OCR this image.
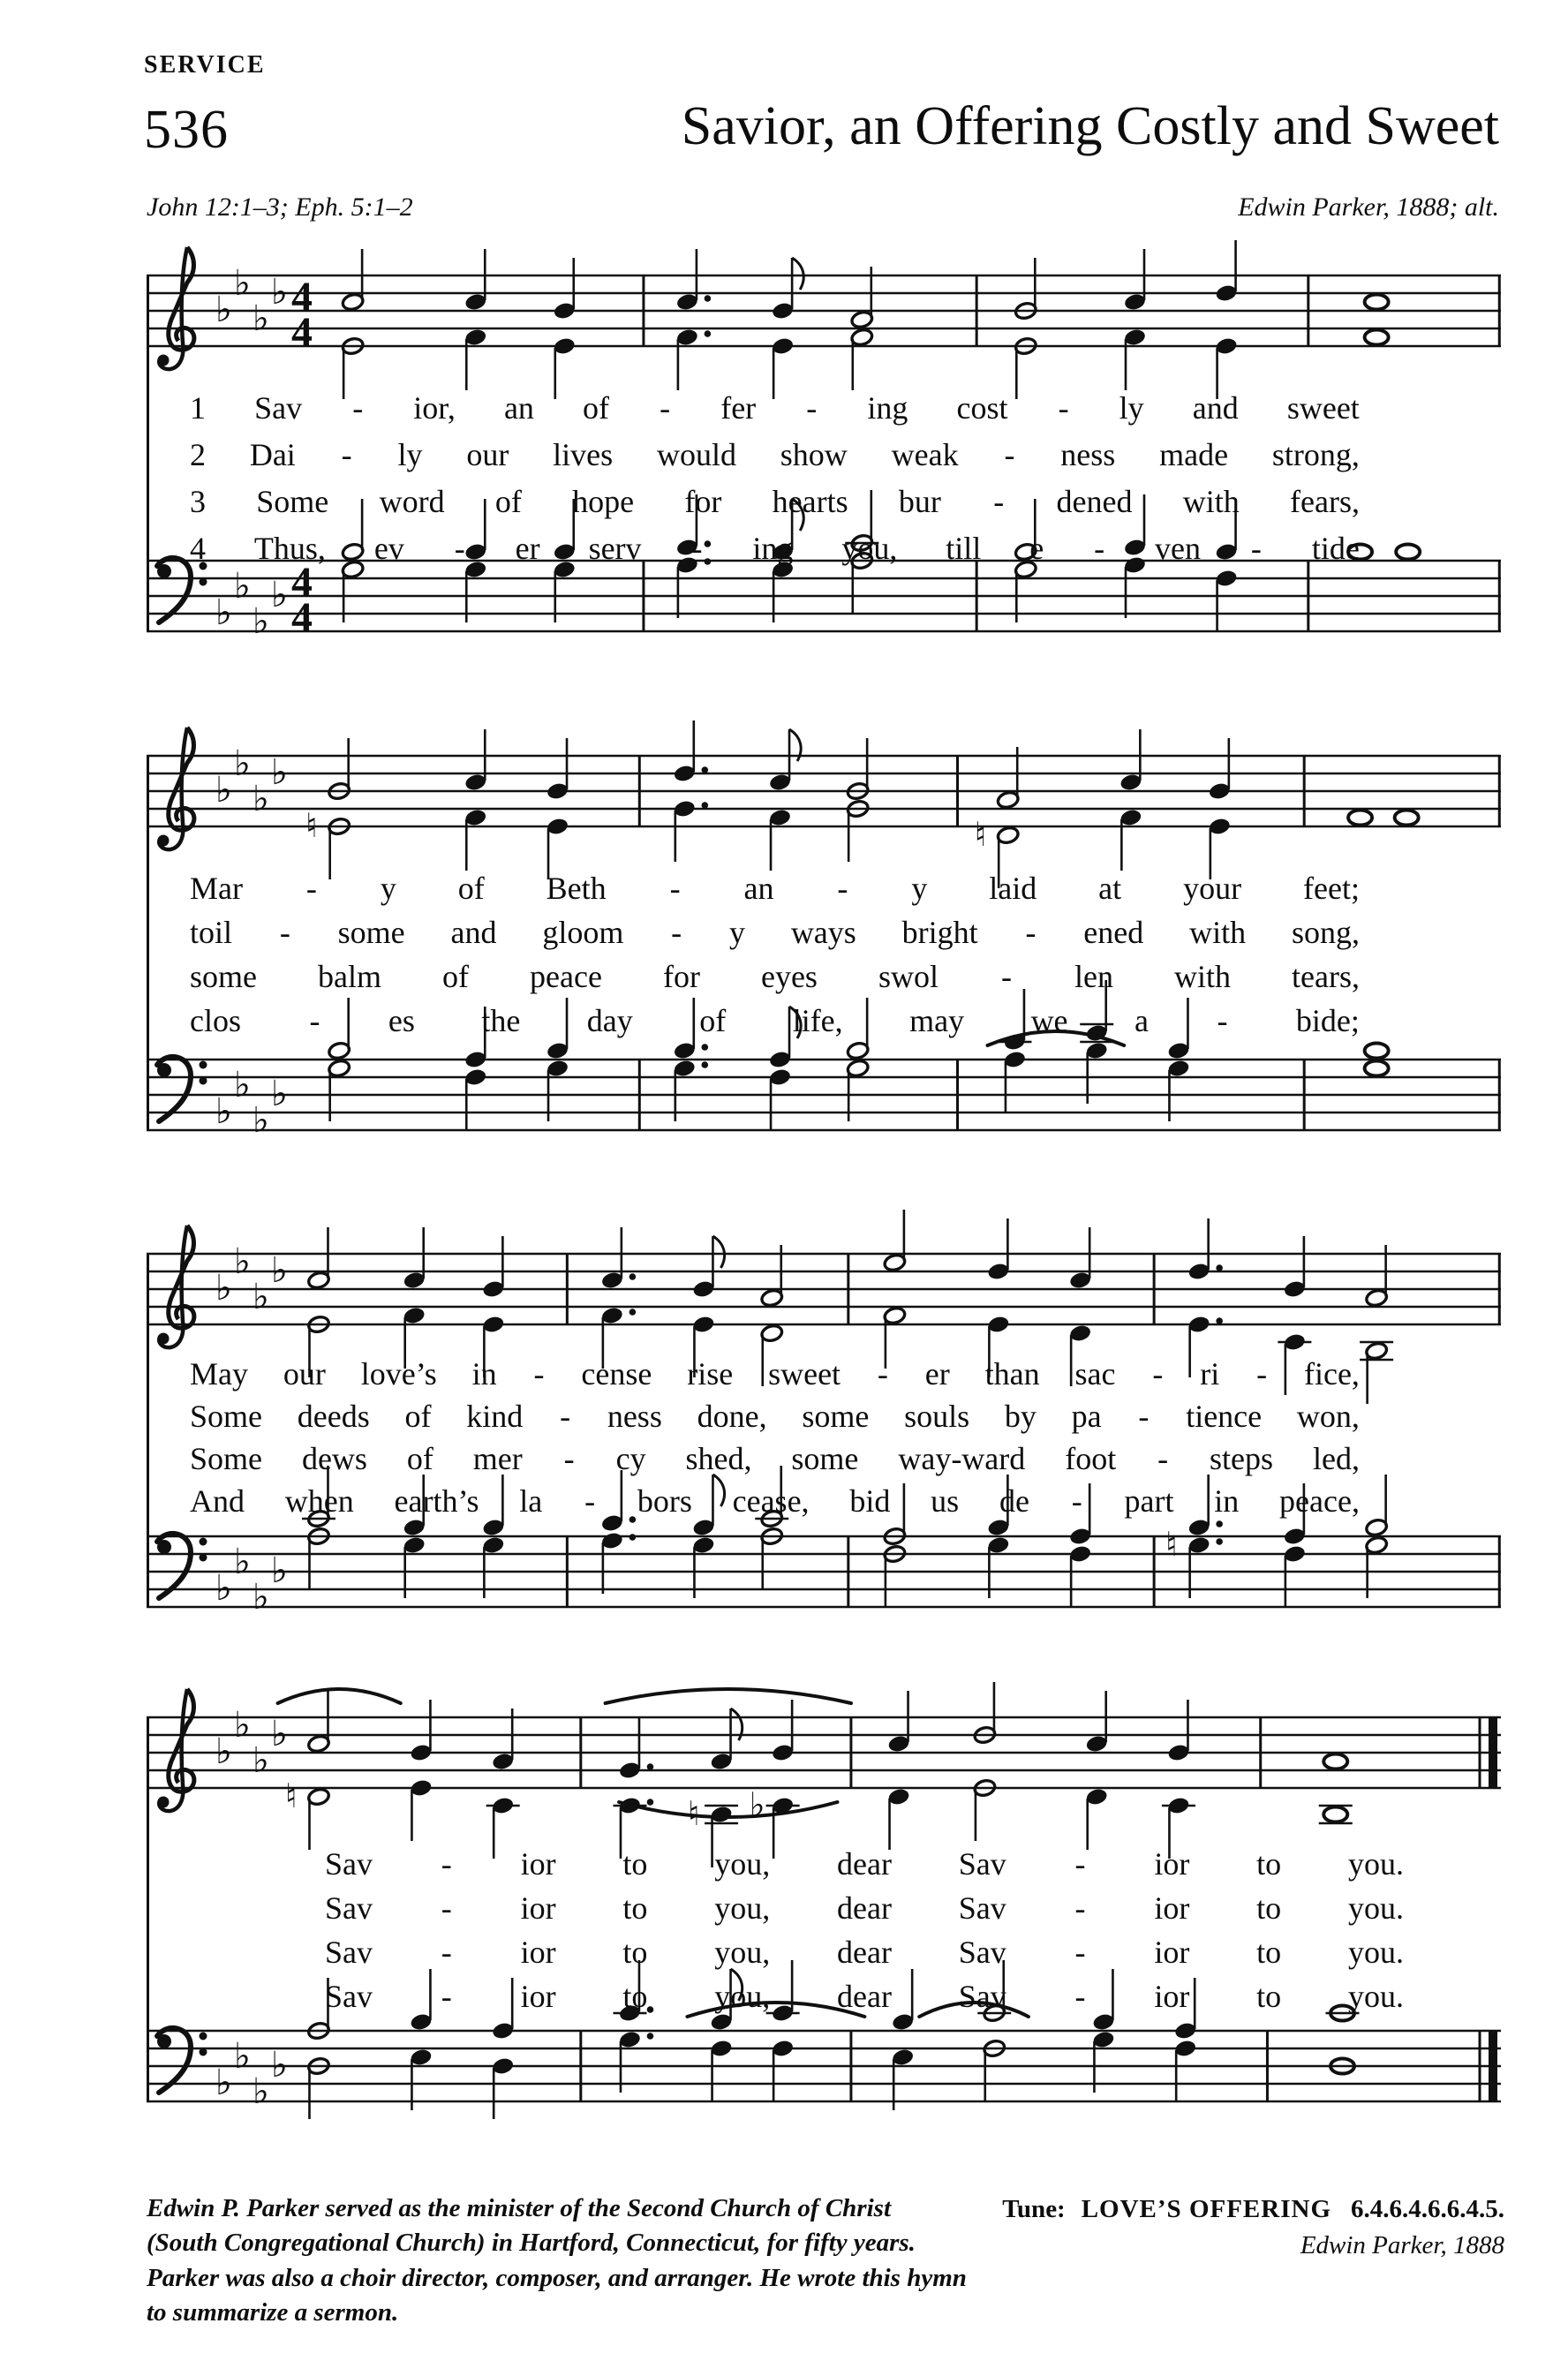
SERVICE
536	Savior, an Offering Costly and Sweet
John 12:1–3; Eph. 5:1–2	Edwin Parker, 1888; alt.
♭
♭
♭
♭ 4
4
♭
♭
♭
♭ 4
4
1 Sav - ior, an of - fer - ing cost - ly and sweet
2 Dai - ly our lives would show weak - ness made strong,
3 Some word of hope for hearts bur - dened with fears,
4 Thus, ev - er serv - ing you, till e - ven - tide
♭
♭
♭
♭
♮	♮
♭
♭
♭
♭
Mar - y of Beth - an - y laid at your feet;
toil - some and gloom - y ways bright - ened with song,
some balm of peace for eyes swol - len with tears,
clos - es the day of life, may we a - bide;
♭
♭
♭
♭
♭
♭
♭
♭
♮
May our love’s in - cense rise sweet - er than sac - ri - fice,
Some deeds of kind - ness done, some souls by pa - tience won,
Some dews of mer - cy shed, some way-ward foot - steps led,
And when earth’s la - bors cease, bid us de - part in peace,
♭
♭
♭
♭
♮	♮ ♭
♭
♭
♭
♭
Sav - ior to you, dear Sav - ior to you.
Sav - ior to you, dear Sav - ior to you.
Sav - ior to you, dear Sav - ior to you.
Sav - ior to you, dear Sav - ior to you.
Edwin P. Parker served as the minister of the Second Church of Christ (South Congregational Church) in Hartford, Connecticut, for fifty years. Parker was also a choir director, composer, and arranger. He wrote this hymn to summarize a sermon.
Tune: LOVE’S OFFERING 6.4.6.4.6.6.4.5.
Edwin Parker, 1888
